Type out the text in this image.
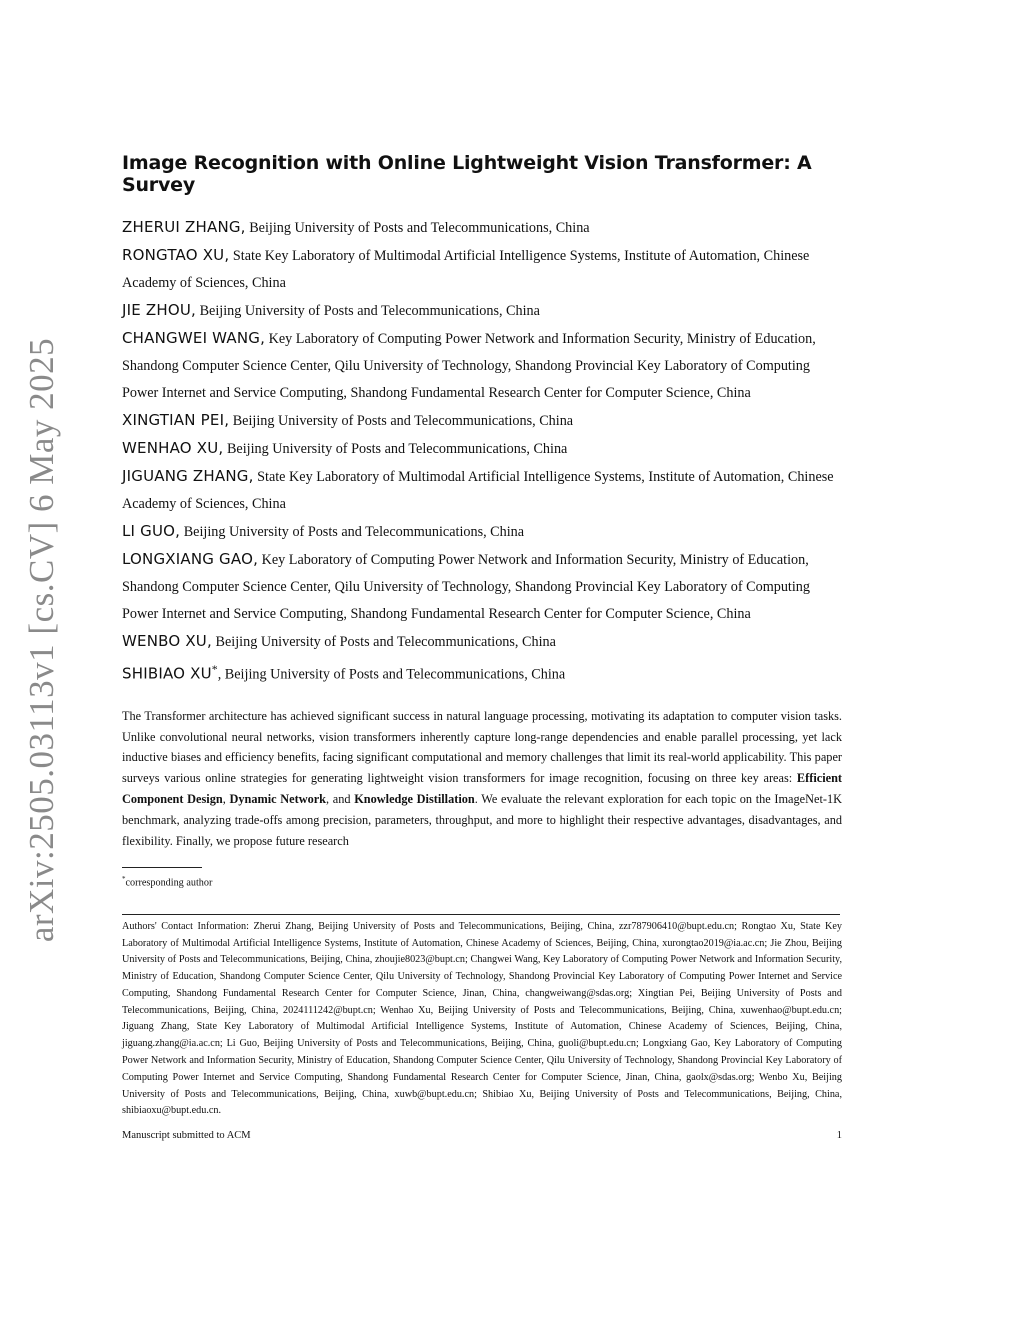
arXiv:2505.03113v1 [cs.CV] 6 May 2025
Image Recognition with Online Lightweight Vision Transformer: A Survey
ZHERUI ZHANG, Beijing University of Posts and Telecommunications, China
RONGTAO XU, State Key Laboratory of Multimodal Artificial Intelligence Systems, Institute of Automation, Chinese Academy of Sciences, China
JIE ZHOU, Beijing University of Posts and Telecommunications, China
CHANGWEI WANG, Key Laboratory of Computing Power Network and Information Security, Ministry of Education, Shandong Computer Science Center, Qilu University of Technology, Shandong Provincial Key Laboratory of Computing Power Internet and Service Computing, Shandong Fundamental Research Center for Computer Science, China
XINGTIAN PEI, Beijing University of Posts and Telecommunications, China
WENHAO XU, Beijing University of Posts and Telecommunications, China
JIGUANG ZHANG, State Key Laboratory of Multimodal Artificial Intelligence Systems, Institute of Automation, Chinese Academy of Sciences, China
LI GUO, Beijing University of Posts and Telecommunications, China
LONGXIANG GAO, Key Laboratory of Computing Power Network and Information Security, Ministry of Education, Shandong Computer Science Center, Qilu University of Technology, Shandong Provincial Key Laboratory of Computing Power Internet and Service Computing, Shandong Fundamental Research Center for Computer Science, China
WENBO XU, Beijing University of Posts and Telecommunications, China
SHIBIAO XU*, Beijing University of Posts and Telecommunications, China

The Transformer architecture has achieved significant success in natural language processing, motivating its adaptation to computer vision tasks. Unlike convolutional neural networks, vision transformers inherently capture long-range dependencies and enable parallel processing, yet lack inductive biases and efficiency benefits, facing significant computational and memory challenges that limit its real-world applicability. This paper surveys various online strategies for generating lightweight vision transformers for image recognition, focusing on three key areas: Efficient Component Design, Dynamic Network, and Knowledge Distillation. We evaluate the relevant exploration for each topic on the ImageNet-1K benchmark, analyzing trade-offs among precision, parameters, throughput, and more to highlight their respective advantages, disadvantages, and flexibility. Finally, we propose future research

*corresponding author

Authors' Contact Information: Zherui Zhang, Beijing University of Posts and Telecommunications, Beijing, China, zzr787906410@bupt.edu.cn; Rongtao Xu, State Key Laboratory of Multimodal Artificial Intelligence Systems, Institute of Automation, Chinese Academy of Sciences, Beijing, China, xurongtao2019@ia.ac.cn; Jie Zhou, Beijing University of Posts and Telecommunications, Beijing, China, zhoujie8023@bupt.cn; Changwei Wang, Key Laboratory of Computing Power Network and Information Security, Ministry of Education, Shandong Computer Science Center, Qilu University of Technology, Shandong Provincial Key Laboratory of Computing Power Internet and Service Computing, Shandong Fundamental Research Center for Computer Science, Jinan, China, changweiwang@sdas.org; Xingtian Pei, Beijing University of Posts and Telecommunications, Beijing, China, 2024111242@bupt.cn; Wenhao Xu, Beijing University of Posts and Telecommunications, Beijing, China, xuwenhao@bupt.edu.cn; Jiguang Zhang, State Key Laboratory of Multimodal Artificial Intelligence Systems, Institute of Automation, Chinese Academy of Sciences, Beijing, China, jiguang.zhang@ia.ac.cn; Li Guo, Beijing University of Posts and Telecommunications, Beijing, China, guoli@bupt.edu.cn; Longxiang Gao, Key Laboratory of Computing Power Network and Information Security, Ministry of Education, Shandong Computer Science Center, Qilu University of Technology, Shandong Provincial Key Laboratory of Computing Power Internet and Service Computing, Shandong Fundamental Research Center for Computer Science, Jinan, China, gaolx@sdas.org; Wenbo Xu, Beijing University of Posts and Telecommunications, Beijing, China, xuwb@bupt.edu.cn; Shibiao Xu, Beijing University of Posts and Telecommunications, Beijing, China, shibiaoxu@bupt.edu.cn.

Manuscript submitted to ACM	1
